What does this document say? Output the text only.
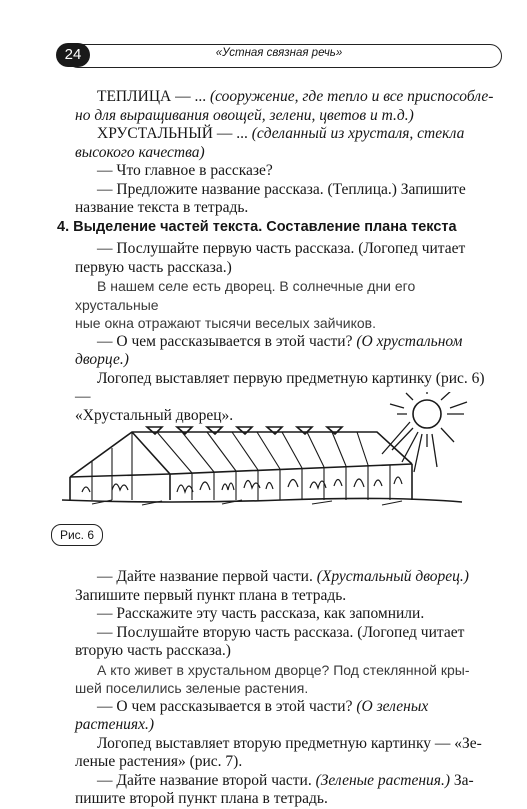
24	«Устная связная речь»

ТЕПЛИЦА — ... (сооружение, где тепло и все приспособле-

но для выращивания овощей, зелени, цветов и т.д.)

ХРУСТАЛЬНЫЙ — ... (сделанный из хрусталя, стекла

высокого качества)

— Что главное в рассказе?

— Предложите название рассказа. (Теплица.) Запишите

название текста в тетрадь.

4. Выделение частей текста. Составление плана текста

— Послушайте первую часть рассказа. (Логопед читает

первую часть рассказа.)

В нашем селе есть дворец. В солнечные дни его хрустальные

ные окна отражают тысячи веселых зайчиков.

— О чем рассказывается в этой части? (О хрустальном

дворце.)

Логопед выставляет первую предметную картинку (рис. 6) —

«Хрустальный дворец».

Рис. 6

— Дайте название первой части. (Хрустальный дворец.)

Запишите первый пункт плана в тетрадь.

— Расскажите эту часть рассказа, как запомнили.

— Послушайте вторую часть рассказа. (Логопед читает

вторую часть рассказа.)

А кто живет в хрустальном дворце? Под стеклянной кры-

шей поселились зеленые растения.

— О чем рассказывается в этой части? (О зеленых растениях.)

Логопед выставляет вторую предметную картинку — «Зе-

леные растения» (рис. 7).

— Дайте название второй части. (Зеленые растения.) За-

пишите второй пункт плана в тетрадь.
